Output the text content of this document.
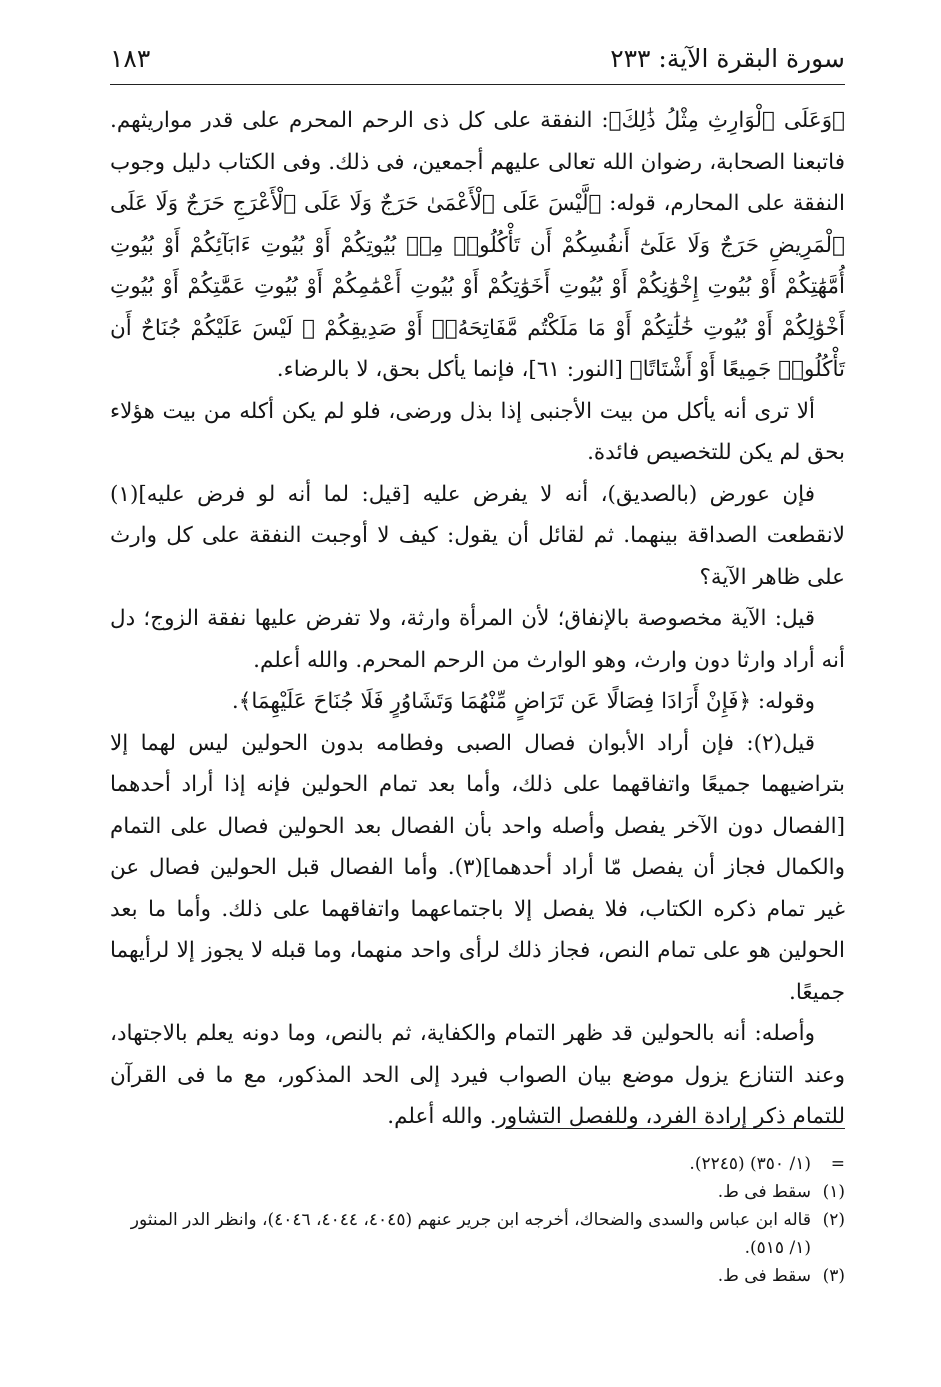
سورة البقرة الآية: ٢٣٣
١٨٣

﴿وَعَلَى ٱلْوَارِثِ مِثْلُ ذَٰلِكَ﴾: النفقة على كل ذى الرحم المحرم على قدر مواريثهم. فاتبعنا الصحابة، رضوان الله تعالى عليهم أجمعين، فى ذلك. وفى الكتاب دليل وجوب النفقة على المحارم، قوله: ﴿لَّيْسَ عَلَى ٱلْأَعْمَىٰ حَرَجٌ وَلَا عَلَى ٱلْأَعْرَجِ حَرَجٌ وَلَا عَلَى ٱلْمَرِيضِ حَرَجٌ وَلَا عَلَىٰٓ أَنفُسِكُمْ أَن تَأْكُلُوا۟ مِنۢ بُيُوتِكُمْ أَوْ بُيُوتِ ءَابَآئِكُمْ أَوْ بُيُوتِ أُمَّهَٰتِكُمْ أَوْ بُيُوتِ إِخْوَٰنِكُمْ أَوْ بُيُوتِ أَخَوَٰتِكُمْ أَوْ بُيُوتِ أَعْمَٰمِكُمْ أَوْ بُيُوتِ عَمَّٰتِكُمْ أَوْ بُيُوتِ أَخْوَٰلِكُمْ أَوْ بُيُوتِ خَٰلَٰتِكُمْ أَوْ مَا مَلَكْتُم مَّفَاتِحَهُۥٓ أَوْ صَدِيقِكُمْ ۚ لَيْسَ عَلَيْكُمْ جُنَاحٌ أَن تَأْكُلُوا۟ جَمِيعًا أَوْ أَشْتَاتًا﴾ [النور: ٦١]، فإنما يأكل بحق، لا بالرضاء.

ألا ترى أنه يأكل من بيت الأجنبى إذا بذل ورضى، فلو لم يكن أكله من بيت هؤلاء بحق لم يكن للتخصيص فائدة.

فإن عورض (بالصديق)، أنه لا يفرض عليه [قيل: لما أنه لو فرض عليه](١) لانقطعت الصداقة بينهما. ثم لقائل أن يقول: كيف لا أوجبت النفقة على كل وارث على ظاهر الآية؟

قيل: الآية مخصوصة بالإنفاق؛ لأن المرأة وارثة، ولا تفرض عليها نفقة الزوج؛ دل أنه أراد وارثا دون وارث، وهو الوارث من الرحم المحرم. والله أعلم.

وقوله: ﴿فَإِنْ أَرَادَا فِصَالًا عَن تَرَاضٍ مِّنْهُمَا وَتَشَاوُرٍ فَلَا جُنَاحَ عَلَيْهِمَا﴾.

قيل(٢): فإن أراد الأبوان فصال الصبى وفطامه بدون الحولين ليس لهما إلا بتراضيهما جميعًا واتفاقهما على ذلك، وأما بعد تمام الحولين فإنه إذا أراد أحدهما [الفصال دون الآخر يفصل وأصله واحد بأن الفصال بعد الحولين فصال على التمام والكمال فجاز أن يفصل مّا أراد أحدهما](٣). وأما الفصال قبل الحولين فصال عن غير تمام ذكره الكتاب، فلا يفصل إلا باجتماعهما واتفاقهما على ذلك. وأما ما بعد الحولين هو على تمام النص، فجاز ذلك لرأى واحد منهما، وما قبله لا يجوز إلا لرأيهما جميعًا.

وأصله: أنه بالحولين قد ظهر التمام والكفاية، ثم بالنص، وما دونه يعلم بالاجتهاد، وعند التنازع يزول موضع بيان الصواب فيرد إلى الحد المذكور، مع ما فى القرآن للتمام ذكر إرادة الفرد، وللفصل التشاور. والله أعلم.

=(١/ ٣٥٠) (٢٢٤٥).

(١)سقط فى ط.

(٢)قاله ابن عباس والسدى والضحاك، أخرجه ابن جرير عنهم (٤٠٤٥، ٤٠٤٤، ٤٠٤٦)، وانظر الدر المنثور (١/ ٥١٥).

(٣)سقط فى ط.
